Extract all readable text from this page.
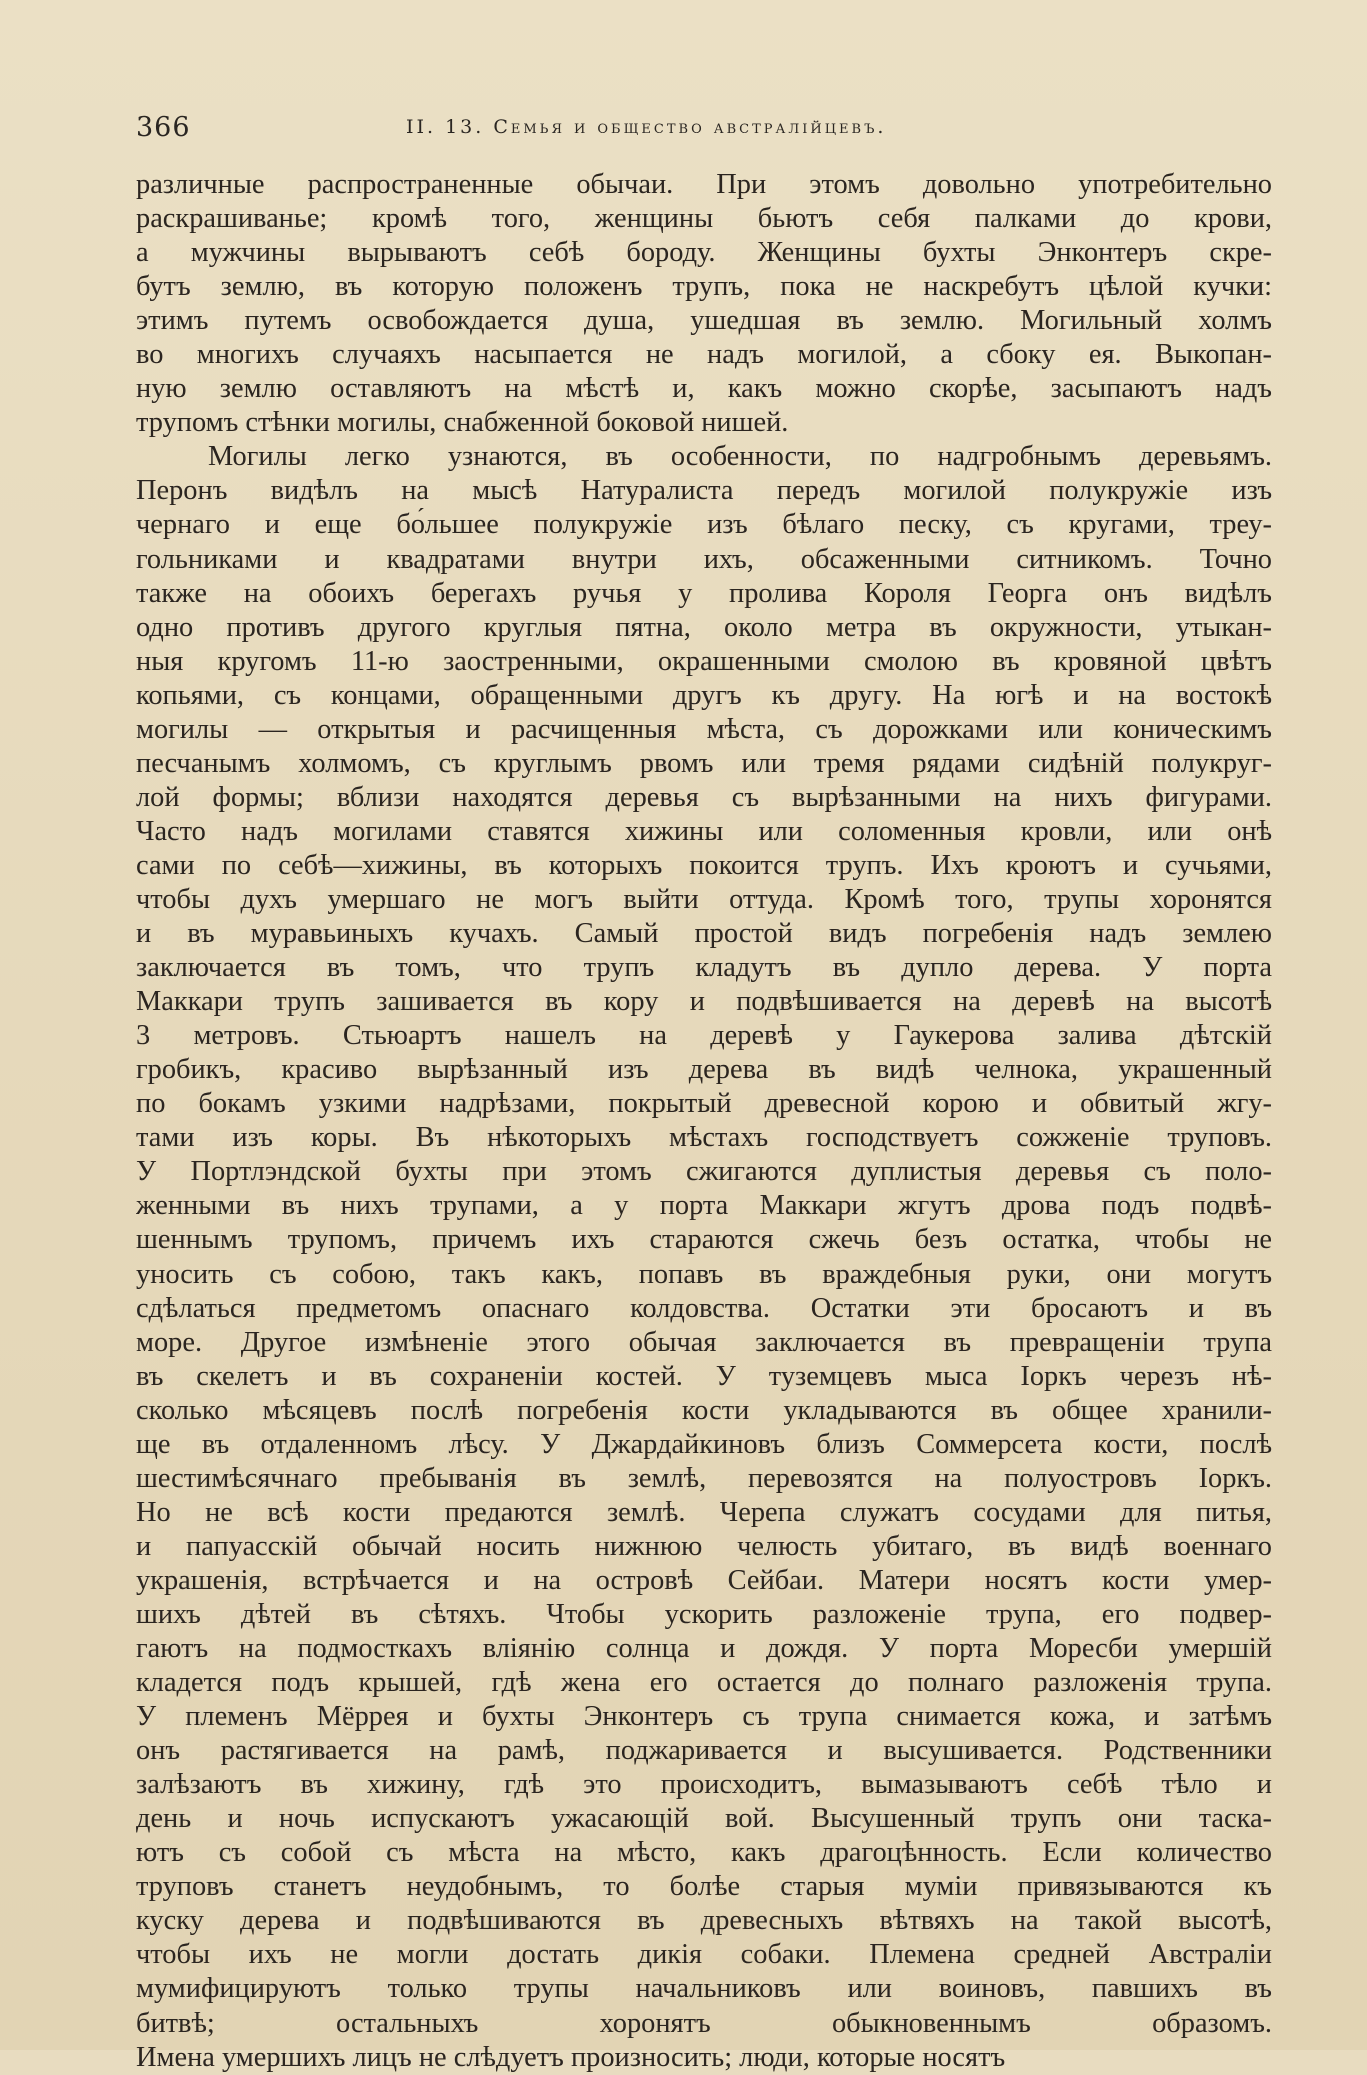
366	II. 13. Семья и общество австралійцевъ.
различные распространенные обычаи. При этомъ довольно употребительно
раскрашиванье; кромѣ того, женщины бьютъ себя палками до крови,
а мужчины вырываютъ себѣ бороду. Женщины бухты Энконтеръ скре-
бутъ землю, въ которую положенъ трупъ, пока не наскребутъ цѣлой кучки:
этимъ путемъ освобождается душа, ушедшая въ землю. Могильный холмъ
во многихъ случаяхъ насыпается не надъ могилой, а сбоку ея. Выкопан-
ную землю оставляютъ на мѣстѣ и, какъ можно скорѣе, засыпаютъ надъ
трупомъ стѣнки могилы, снабженной боковой нишей.
Могилы легко узнаются, въ особенности, по надгробнымъ деревьямъ.
Перонъ видѣлъ на мысѣ Натуралиста передъ могилой полукружіе изъ
чернаго и еще бо́льшее полукружіе изъ бѣлаго песку, съ кругами, треу-
гольниками и квадратами внутри ихъ, обсаженными ситникомъ. Точно
также на обоихъ берегахъ ручья у пролива Короля Георга онъ видѣлъ
одно противъ другого круглыя пятна, около метра въ окружности, утыкан-
ныя кругомъ 11-ю заостренными, окрашенными смолою въ кровяной цвѣтъ
копьями, съ концами, обращенными другъ къ другу. На югѣ и на востокѣ
могилы — открытыя и расчищенныя мѣста, съ дорожками или коническимъ
песчанымъ холмомъ, съ круглымъ рвомъ или тремя рядами сидѣній полукруг-
лой формы; вблизи находятся деревья съ вырѣзанными на нихъ фигурами.
Часто надъ могилами ставятся хижины или соломенныя кровли, или онѣ
сами по себѣ—хижины, въ которыхъ покоится трупъ. Ихъ кроютъ и сучьями,
чтобы духъ умершаго не могъ выйти оттуда. Кромѣ того, трупы хоронятся
и въ муравьиныхъ кучахъ. Самый простой видъ погребенія надъ землею
заключается въ томъ, что трупъ кладутъ въ дупло дерева. У порта
Маккари трупъ зашивается въ кору и подвѣшивается на деревѣ на высотѣ
3 метровъ. Стьюартъ нашелъ на деревѣ у Гаукерова залива дѣтскій
гробикъ, красиво вырѣзанный изъ дерева въ видѣ челнока, украшенный
по бокамъ узкими надрѣзами, покрытый древесной корою и обвитый жгу-
тами изъ коры. Въ нѣкоторыхъ мѣстахъ господствуетъ сожженіе труповъ.
У Портлэндской бухты при этомъ сжигаются дуплистыя деревья съ поло-
женными въ нихъ трупами, а у порта Маккари жгутъ дрова подъ подвѣ-
шеннымъ трупомъ, причемъ ихъ стараются сжечь безъ остатка, чтобы не
уносить съ собою, такъ какъ, попавъ въ враждебныя руки, они могутъ
сдѣлаться предметомъ опаснаго колдовства. Остатки эти бросаютъ и въ
море. Другое измѣненіе этого обычая заключается въ превращеніи трупа
въ скелетъ и въ сохраненіи костей. У туземцевъ мыса Іоркъ черезъ нѣ-
сколько мѣсяцевъ послѣ погребенія кости укладываются въ общее хранили-
ще въ отдаленномъ лѣсу. У Джардайкиновъ близъ Соммерсета кости, послѣ
шестимѣсячнаго пребыванія въ землѣ, перевозятся на полуостровъ Іоркъ.
Но не всѣ кости предаются землѣ. Черепа служатъ сосудами для питья,
и папуасскій обычай носить нижнюю челюсть убитаго, въ видѣ военнаго
украшенія, встрѣчается и на островѣ Сейбаи. Матери носятъ кости умер-
шихъ дѣтей въ сѣтяхъ. Чтобы ускорить разложеніе трупа, его подвер-
гаютъ на подмосткахъ вліянію солнца и дождя. У порта Моресби умершій
кладется подъ крышей, гдѣ жена его остается до полнаго разложенія трупа.
У племенъ Мёррея и бухты Энконтеръ съ трупа снимается кожа, и затѣмъ
онъ растягивается на рамѣ, поджаривается и высушивается. Родственники
залѣзаютъ въ хижину, гдѣ это происходитъ, вымазываютъ себѣ тѣло и
день и ночь испускаютъ ужасающій вой. Высушенный трупъ они таска-
ютъ съ собой съ мѣста на мѣсто, какъ драгоцѣнность. Если количество
труповъ станетъ неудобнымъ, то болѣе старыя муміи привязываются къ
куску дерева и подвѣшиваются въ древесныхъ вѣтвяхъ на такой высотѣ,
чтобы ихъ не могли достать дикія собаки. Племена средней Австраліи
мумифицируютъ только трупы начальниковъ или воиновъ, павшихъ въ
битвѣ; остальныхъ хоронятъ обыкновеннымъ образомъ.
Имена умершихъ лицъ не слѣдуетъ произносить; люди, которые носятъ
